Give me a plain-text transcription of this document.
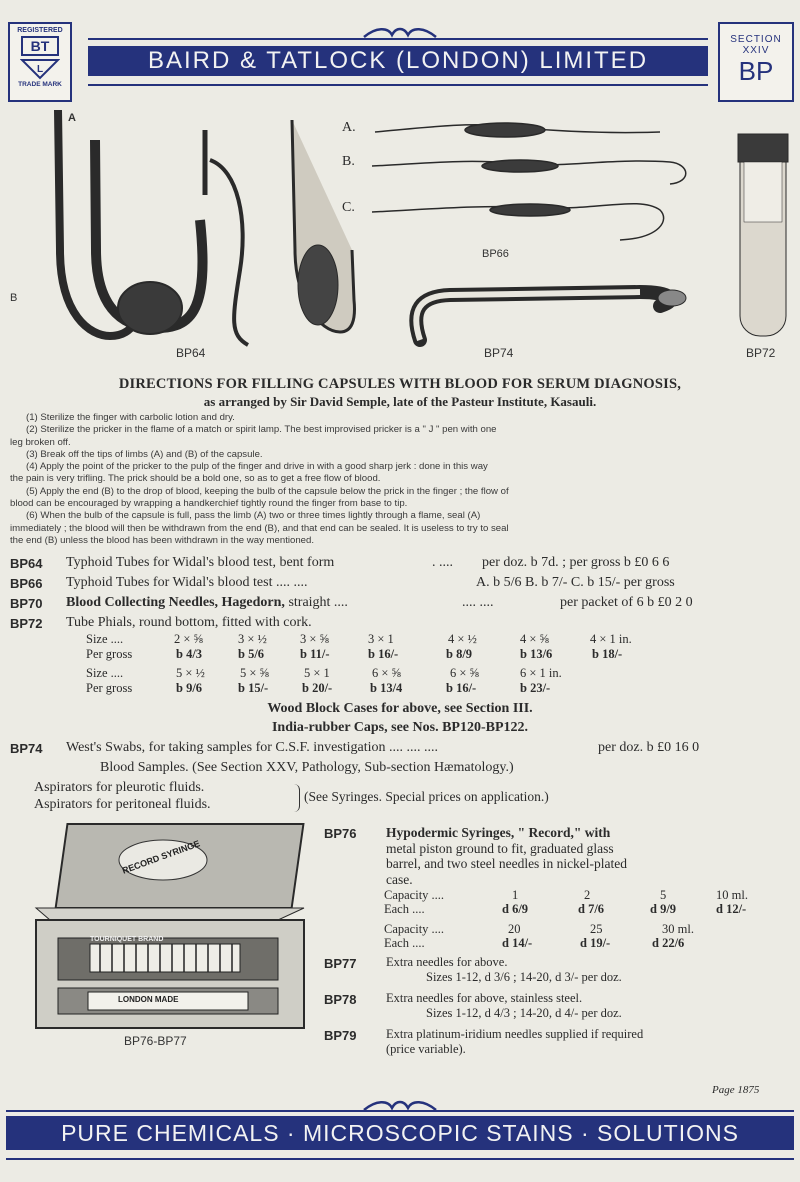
REGISTERED
BT
L
TRADE MARK
BAIRD & TATLOCK (LONDON) LIMITED
SECTION
XXIV
BP
A.
B.
C.
BP66
A
B
BP64	BP74	BP72
DIRECTIONS FOR FILLING CAPSULES WITH BLOOD FOR SERUM DIAGNOSIS,
as arranged by Sir David Semple, late of the Pasteur Institute, Kasauli.
(1) Sterilize the finger with carbolic lotion and dry.
(2) Sterilize the pricker in the flame of a match or spirit lamp. The best improvised pricker is a " J " pen with one
leg broken off.
(3) Break off the tips of limbs (A) and (B) of the capsule.
(4) Apply the point of the pricker to the pulp of the finger and drive in with a good sharp jerk : done in this way
the pain is very trifling. The prick should be a bold one, so as to get a free flow of blood.
(5) Apply the end (B) to the drop of blood, keeping the bulb of the capsule below the prick in the finger ; the flow of
blood can be encouraged by wrapping a handkerchief tightly round the finger from base to tip.
(6) When the bulb of the capsule is full, pass the limb (A) two or three times lightly through a flame, seal (A)
immediately ; the blood will then be withdrawn from the end (B), and that end can be sealed. It is useless to try to seal
the end (B) unless the blood has been withdrawn in the way mentioned.
BP64 Typhoid Tubes for Widal's blood test, bent form	. .... per doz. b 7d. ; per gross b £0 6 6
BP66 Typhoid Tubes for Widal's blood test .... ....	A. b 5/6 B. b 7/- C. b 15/- per gross
BP70 Blood Collecting Needles, Hagedorn, straight ....	.... ....	per packet of 6 b £0 2 0
BP72 Tube Phials, round bottom, fitted with cork.
Size ....	2 × ⅝	3 × ½	3 × ⅝	3 × 1	4 × ½	4 × ⅝	4 × 1 in.
Per gross	b 4/3	b 5/6	b 11/-	b 16/-	b 8/9	b 13/6	b 18/-
Size ....	5 × ½	5 × ⅝	5 × 1	6 × ⅝	6 × ⅝	6 × 1 in.
Per gross	b 9/6	b 15/-	b 20/-	b 13/4	b 16/-	b 23/-
Wood Block Cases for above, see Section III.
India-rubber Caps, see Nos. BP120-BP122.
BP74 West's Swabs, for taking samples for C.S.F. investigation .... .... ....	per doz. b £0 16 0
Blood Samples. (See Section XXV, Pathology, Sub-section Hæmatology.)
Aspirators for pleurotic fluids.
Aspirators for peritoneal fluids.
(See Syringes. Special prices on application.)
RECORD SYRINGE
TOURNIQUET BRAND
LONDON MADE
BP76-BP77
BP76 Hypodermic Syringes, " Record," with
metal piston ground to fit, graduated glass
barrel, and two steel needles in nickel-plated
case.
Capacity ....	1	2	5	10 ml.
Each ....	d 6/9	d 7/6	d 9/9	d 12/-
Capacity ....	20	25	30 ml.
Each ....	d 14/-	d 19/-	d 22/6
BP77 Extra needles for above.
Sizes 1-12, d 3/6 ; 14-20, d 3/- per doz.
BP78 Extra needles for above, stainless steel.
Sizes 1-12, d 4/3 ; 14-20, d 4/- per doz.
BP79 Extra platinum-iridium needles supplied if required
(price variable).
Page 1875
PURE CHEMICALS · MICROSCOPIC STAINS · SOLUTIONS
